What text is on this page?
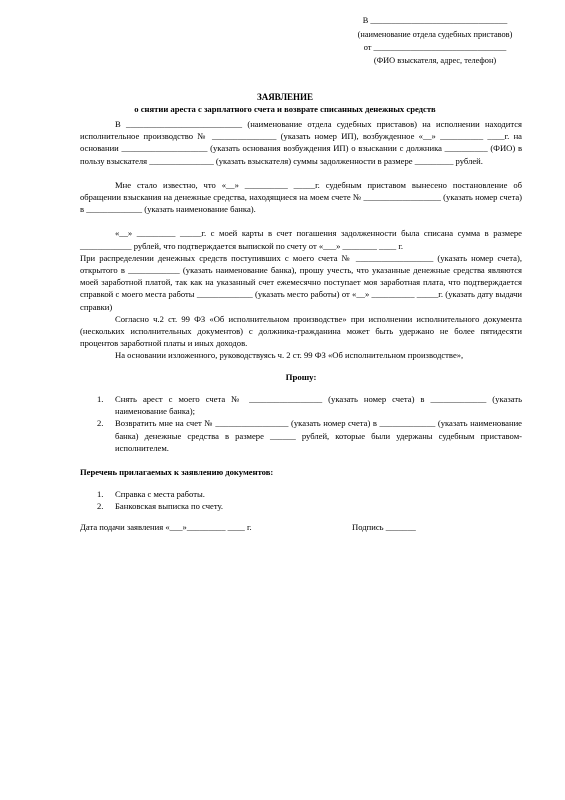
В _________________________________
(наименование отдела судебных приставов)
от ________________________________
(ФИО взыскателя, адрес, телефон)
ЗАЯВЛЕНИЕ
о снятии ареста с зарплатного счета и возврате списанных денежных средств

В ___________________________ (наименование отдела судебных приставов) на исполнении находится исполнительное производство № _______________ (указать номер ИП), возбужденное «__» __________ ____г. на основании ____________________ (указать основания возбуждения ИП) о взыскании с должника __________ (ФИО) в пользу взыскателя _______________ (указать взыскателя) суммы задолженности в размере _________ рублей.

Мне стало известно, что «__» __________ _____г. судебным приставом вынесено постановление об обращении взыскания на денежные средства, находящиеся на моем счете № __________________ (указать номер счета) в _____________ (указать наименование банка).

«__» _________ _____г. с моей карты в счет погашения задолженности была списана сумма в размере ____________ рублей, что подтверждается выпиской по счету от «___» ________ ____ г.

При распределении денежных средств поступивших с моего счета № __________________ (указать номер счета), открытого в ____________ (указать наименование банка), прошу учесть, что указанные денежные средства являются моей заработной платой, так как на указанный счет ежемесячно поступает моя заработная плата, что подтверждается справкой с моего места работы _____________ (указать место работы) от «__» __________ _____г. (указать дату выдачи справки)

Согласно ч.2 ст. 99 ФЗ «Об исполнительном производстве» при исполнении исполнительного документа (нескольких исполнительных документов) с должника-гражданина может быть удержано не более пятидесяти процентов заработной платы и иных доходов.

На основании изложенного, руководствуясь ч. 2 ст. 99 ФЗ «Об исполнительном производстве»,

Прошу:
1. Снять арест с моего счета № _________________ (указать номер счета) в _____________ (указать наименование банка);
2. Возвратить мне на счет № _________________ (указать номер счета) в _____________ (указать наименование банка) денежные средства в размере ______ рублей, которые были удержаны судебным приставом-исполнителем.
Перечень прилагаемых к заявлению документов:
1. Справка с места работы.
2. Банковская выписка по счету.
Дата подачи заявления «___»_________ ____ г.	Подпись _______
